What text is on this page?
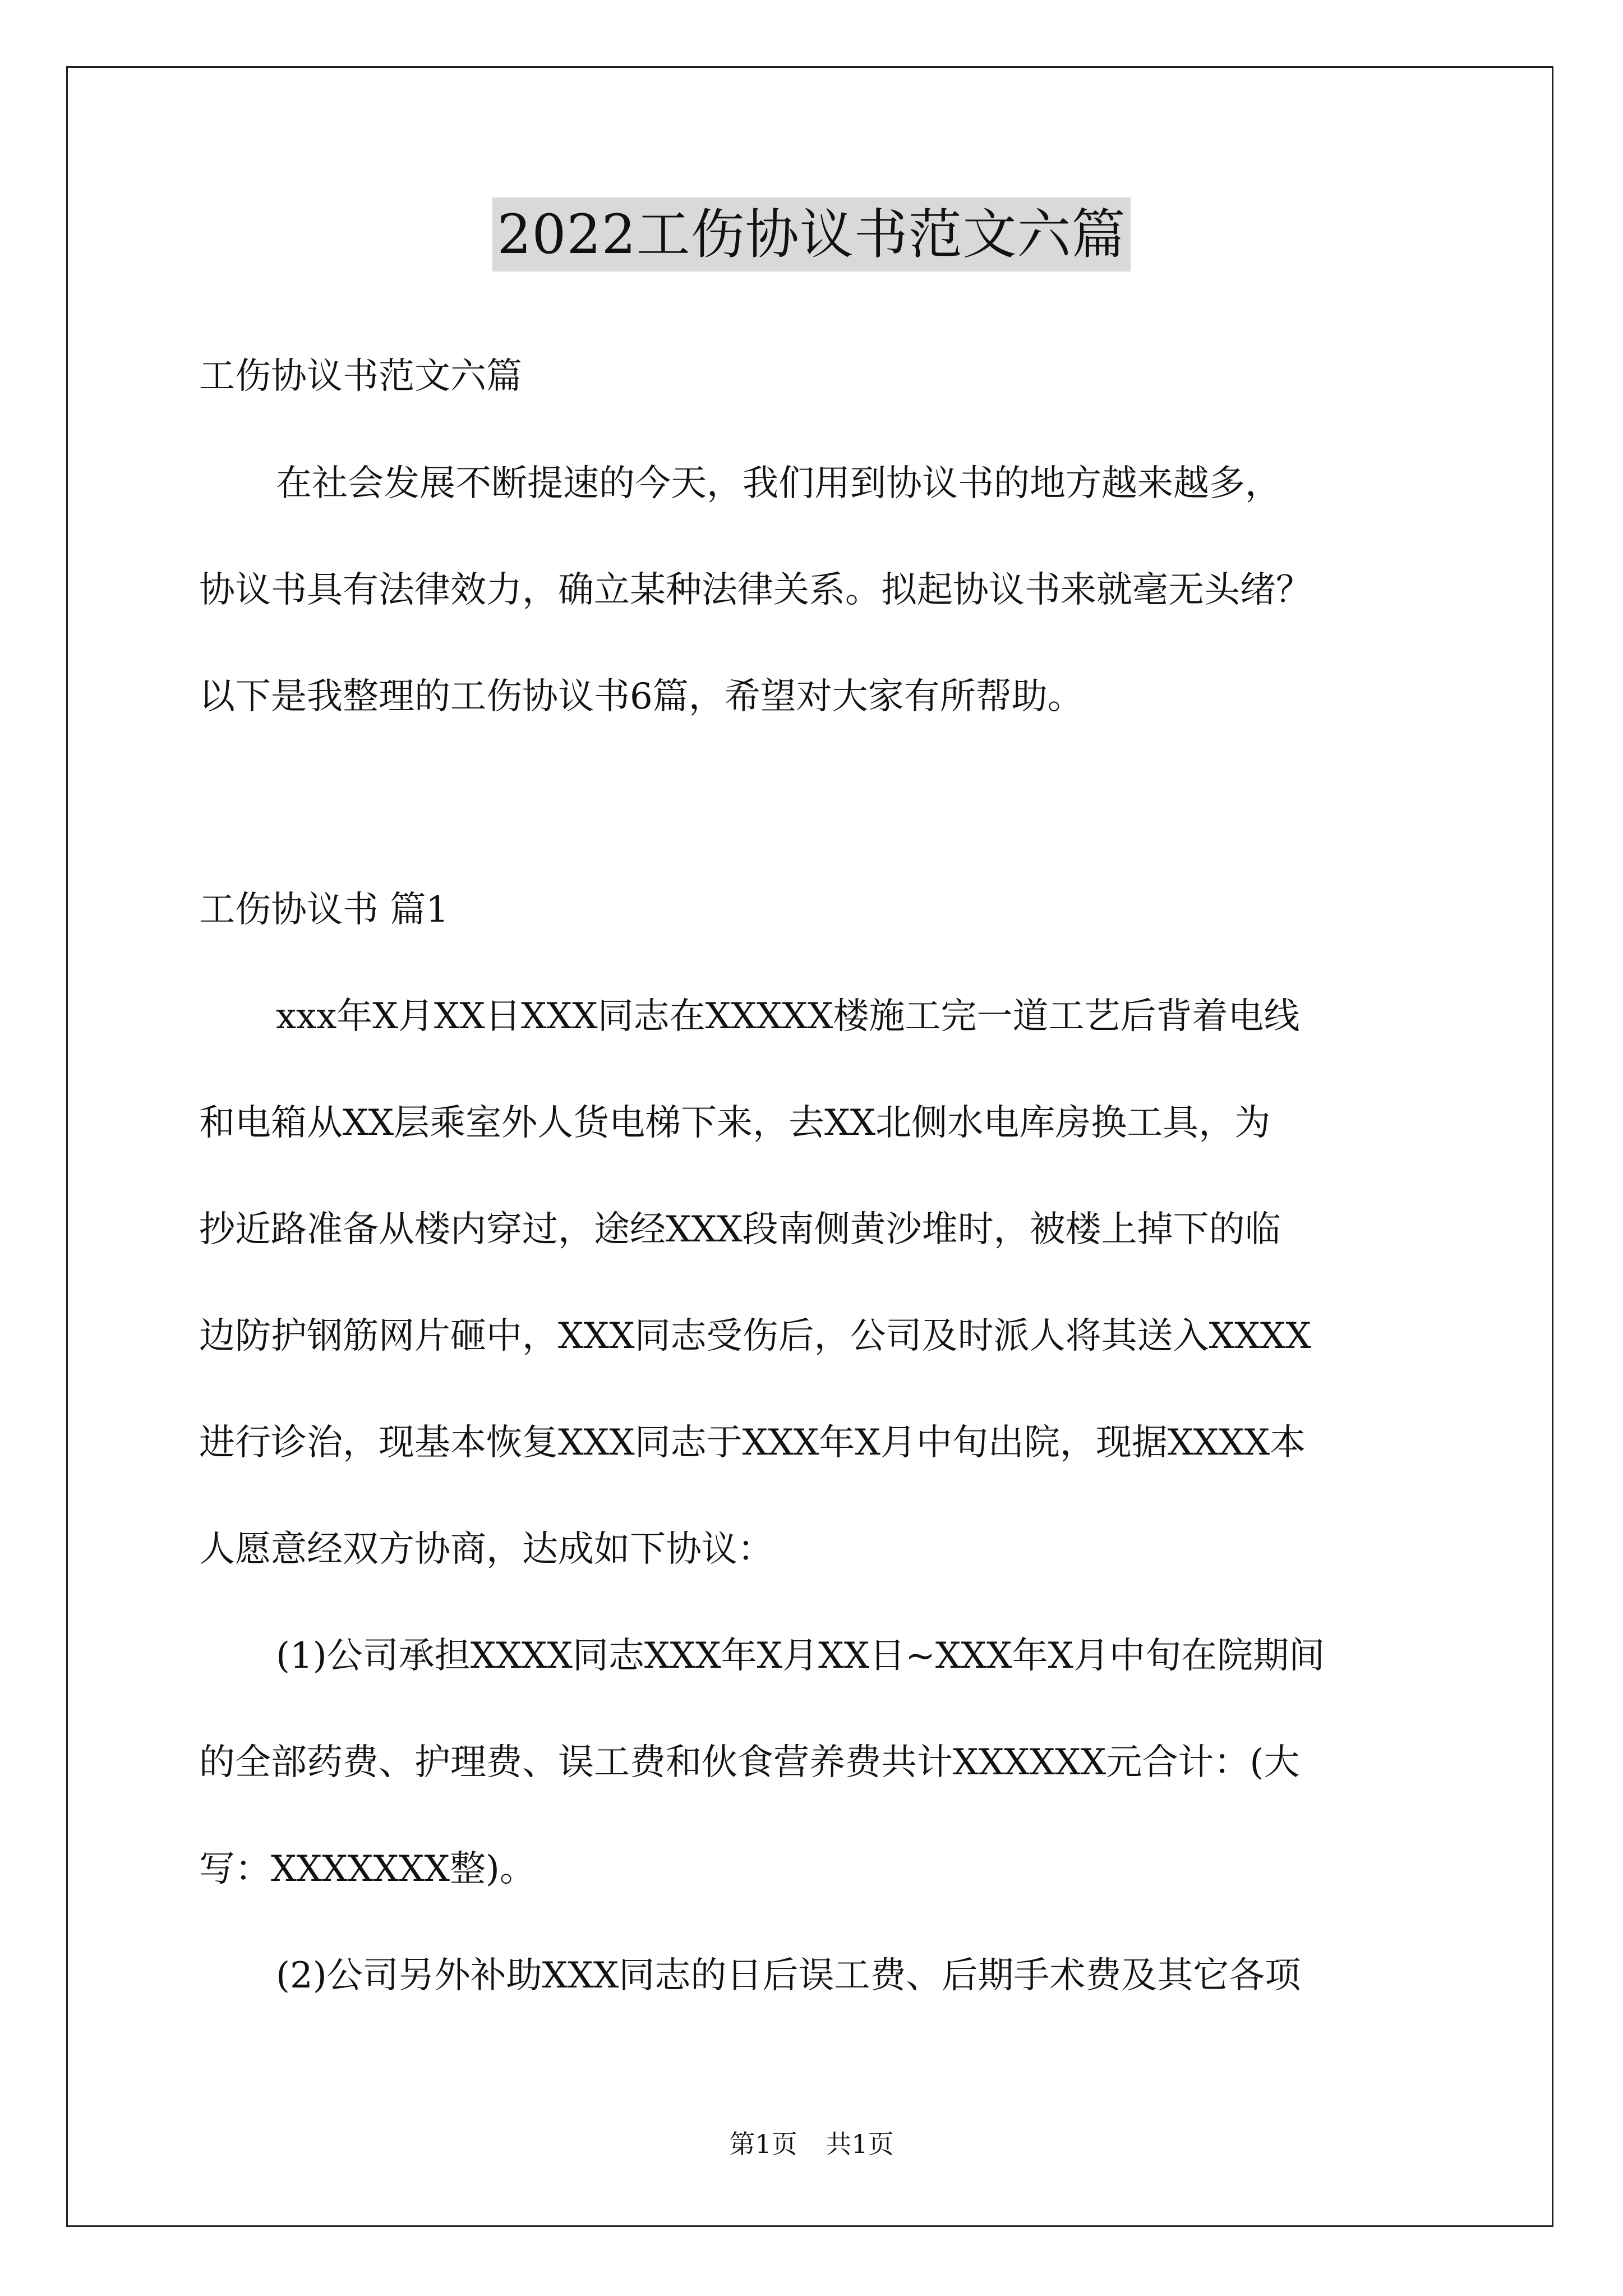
2022工伤协议书范文六篇
工伤协议书范文六篇
在社会发展不断提速的今天，我们用到协议书的地方越来越多，
协议书具有法律效力，确立某种法律关系。拟起协议书来就毫无头绪？
以下是我整理的工伤协议书6篇，希望对大家有所帮助。
工伤协议书 篇1
xxx年X月XX日XXX同志在XXXXX楼施工完一道工艺后背着电线
和电箱从XX层乘室外人货电梯下来，去XX北侧水电库房换工具，为
抄近路准备从楼内穿过，途经XXX段南侧黄沙堆时，被楼上掉下的临
边防护钢筋网片砸中，XXX同志受伤后，公司及时派人将其送入XXXX
进行诊治，现基本恢复XXX同志于XXX年X月中旬出院，现据XXXX本
人愿意经双方协商，达成如下协议：
(1)公司承担XXXX同志XXX年X月XX日~XXX年X月中旬在院期间
的全部药费、护理费、误工费和伙食营养费共计XXXXXX元合计：(大
写：XXXXXXX整)。
(2)公司另外补助XXX同志的日后误工费、后期手术费及其它各项
第1页 共1页
